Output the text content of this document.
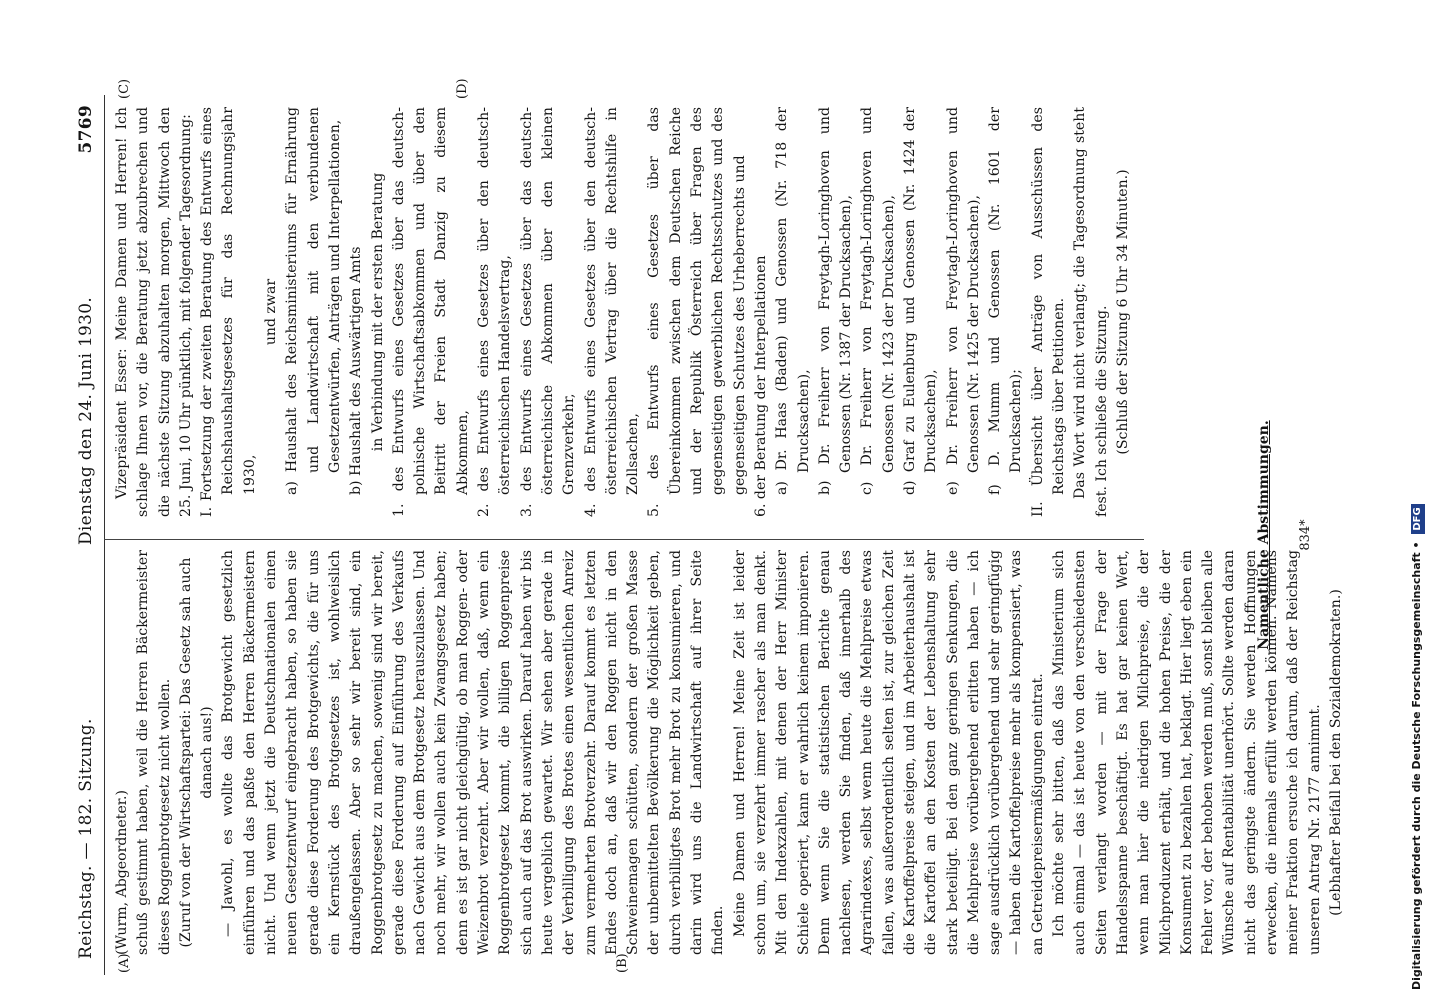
Reichstag. — 182. Sitzung.
Dienstag den 24. Juni 1930.
5769
(A)	(B)

(Wurm, Abgeordneter.) schuß gestimmt haben, weil die Herren Bäckermeister dieses Roggenbrotgesetz nicht wollen. (Zuruf von der Wirtschaftspartei: Das Gesetz sah auch danach aus!) — Jawohl, es wollte das Brotgewicht gesetzlich einführen und das paßte den Herren Bäckermeistern nicht. Und wenn jetzt die Deutschnationalen einen neuen Gesetzentwurf eingebracht haben, so haben sie gerade diese Forderung des Brotgewichts, die für uns ein Kernstück des Brotgesetzes ist, wohlweislich draußengelassen. Aber so sehr wir bereit sind, ein Roggenbrotgesetz zu machen, sowenig sind wir bereit, gerade diese Forderung auf Einführung des Verkaufs nach Gewicht aus dem Brotgesetz herauszulassen. Und noch mehr, wir wollen auch kein Zwangsgesetz haben; denn es ist gar nicht gleichgültig, ob man Roggen- oder Weizenbrot verzehrt. Aber wir wollen, daß, wenn ein Roggenbrotgesetz kommt, die billigen Roggenpreise sich auch auf das Brot auswirken. Darauf haben wir bis heute vergeblich gewartet. Wir sehen aber gerade in der Verbilligung des Brotes einen wesentlichen Anreiz zum vermehrten Brotverzehr. Darauf kommt es letzten Endes doch an, daß wir den Roggen nicht in den Schweinemagen schütten, sondern der großen Masse der unbemittelten Bevölkerung die Möglichkeit geben, durch verbilligtes Brot mehr Brot zu konsumieren, und darin wird uns die Landwirtschaft auf ihrer Seite finden. Meine Damen und Herren! Meine Zeit ist leider schon um, sie verzehrt immer rascher als man denkt. Mit den Indexzahlen, mit denen der Herr Minister Schiele operiert, kann er wahrlich keinem imponieren. Denn wenn Sie die statistischen Berichte genau nachlesen, werden Sie finden, daß innerhalb des Agrarindexes, selbst wenn heute die Mehlpreise etwas fallen, was außerordentlich selten ist, zur gleichen Zeit die Kartoffelpreise steigen, und im Arbeiterhaushalt ist die Kartoffel an den Kosten der Lebenshaltung sehr stark beteiligt. Bei den ganz geringen Senkungen, die die Mehlpreise vorübergehend erlitten haben — ich sage ausdrücklich vorübergehend und sehr geringfügig — haben die Kartoffelpreise mehr als kompensiert, was an Getreidepreisermäßigungen eintrat. Ich möchte sehr bitten, daß das Ministerium sich auch einmal — das ist heute von den verschiedensten Seiten verlangt worden — mit der Frage der Handelsspanne beschäftigt. Es hat gar keinen Wert, wenn man hier die niedrigen Milchpreise, die der Milchproduzent erhält, und die hohen Preise, die der Konsument zu bezahlen hat, beklagt. Hier liegt eben ein Fehler vor, der behoben werden muß, sonst bleiben alle Wünsche auf Rentabilität unerhört. Sollte werden daran nicht das geringste ändern. Sie werden Hoffnungen erwecken, die niemals erfüllt werden können. Namens meiner Fraktion ersuche ich darum, daß der Reichstag unseren Antrag Nr. 2177 annimmt. (Lebhafter Beifall bei den Sozialdemokraten.)

(C)	(D)

Vizepräsident Esser: Meine Damen und Herren! Ich schlage Ihnen vor, die Beratung jetzt abzubrechen und die nächste Sitzung abzuhalten morgen, Mittwoch den 25. Juni, 10 Uhr pünktlich, mit folgender Tagesordnung: I. Fortsetzung der zweiten Beratung des Entwurfs eines Reichshaushaltsgesetzes für das Rechnungsjahr 1930,

und zwar a) Haushalt des Reichsministeriums für Ernährung und Landwirtschaft mit den verbundenen Gesetzentwürfen, Anträgen und Interpellationen, b) Haushalt des Auswärtigen Amts in Verbindung mit der ersten Beratung 1. des Entwurfs eines Gesetzes über das deutsch-polnische Wirtschaftsabkommen und über den Beitritt der Freien Stadt Danzig zu diesem Abkommen, 2. des Entwurfs eines Gesetzes über den deutsch-österreichischen Handelsvertrag, 3. des Entwurfs eines Gesetzes über das deutsch-österreichische Abkommen über den kleinen Grenzverkehr, 4. des Entwurfs eines Gesetzes über den deutsch-österreichischen Vertrag über die Rechtshilfe in Zollsachen, 5. des Entwurfs eines Gesetzes über das Übereinkommen zwischen dem Deutschen Reiche und der Republik Österreich über Fragen des gegenseitigen gewerblichen Rechtsschutzes und des gegenseitigen Schutzes des Urheberrechts und 6. der Beratung der Interpellationen a) Dr. Haas (Baden) und Genossen (Nr. 718 der Drucksachen), b) Dr. Freiherr von Freytagh-Loringhoven und Genossen (Nr. 1387 der Drucksachen), c) Dr. Freiherr von Freytagh-Loringhoven und Genossen (Nr. 1423 der Drucksachen), d) Graf zu Eulenburg und Genossen (Nr. 1424 der Drucksachen), e) Dr. Freiherr von Freytagh-Loringhoven und Genossen (Nr. 1425 der Drucksachen), f) D. Mumm und Genossen (Nr. 1601 der Drucksachen); II. Übersicht über Anträge von Ausschüssen des Reichstags über Petitionen. Das Wort wird nicht verlangt; die Tagesordnung steht fest. Ich schließe die Sitzung. (Schluß der Sitzung 6 Uhr 34 Minuten.)

Namentliche Abstimmungen. 834*
Digitalisierung gefördert durch die Deutsche Forschungsgemeinschaft • DFG
